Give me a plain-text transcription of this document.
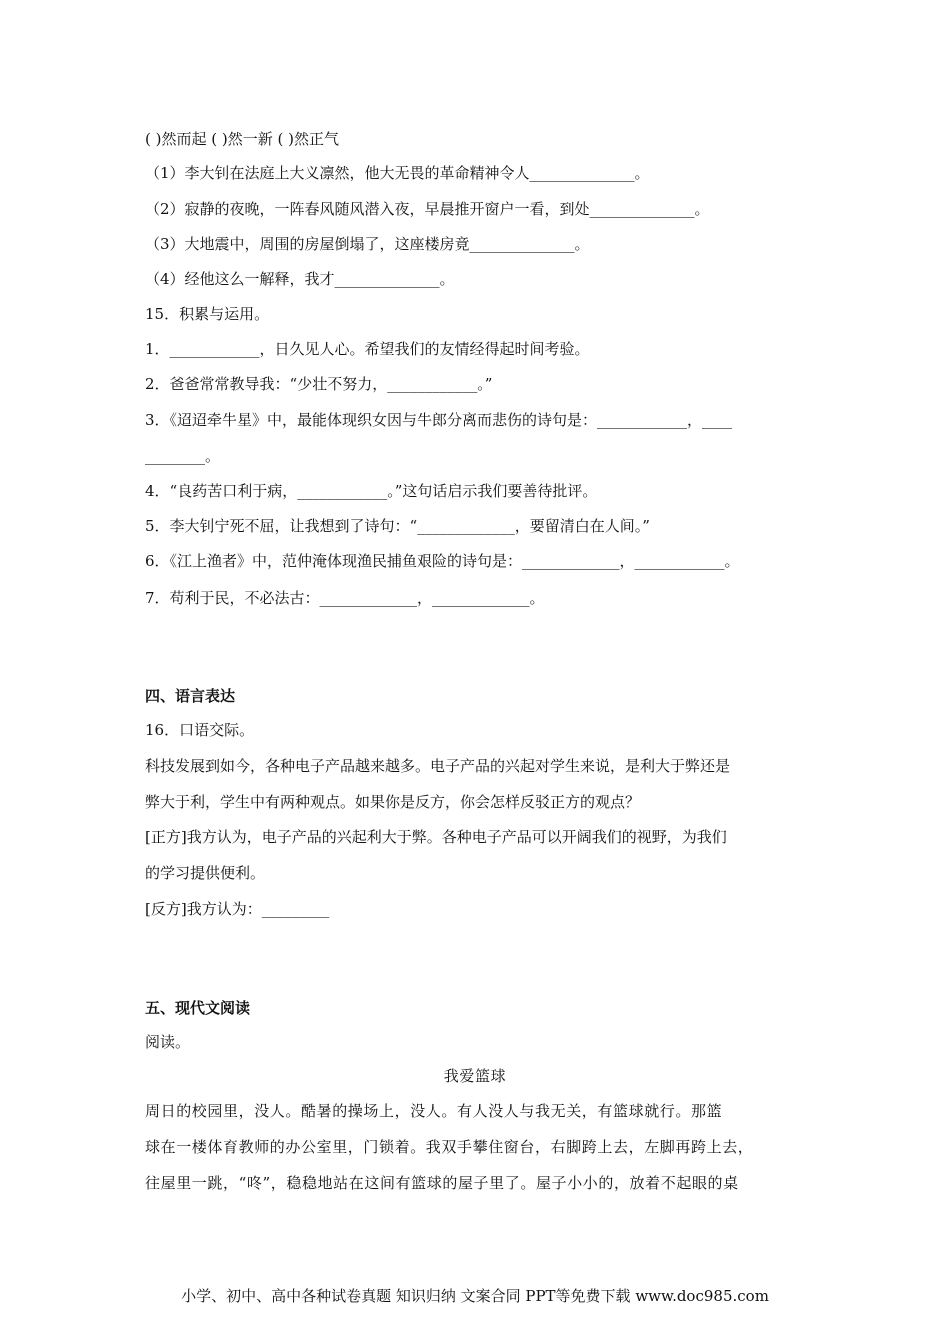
( )然而起 ( )然一新 ( )然正气
（1）李大钊在法庭上大义凛然，他大无畏的革命精神令人______________。
（2）寂静的夜晚，一阵春风随风潜入夜，早晨推开窗户一看，到处______________。
（3）大地震中，周围的房屋倒塌了，这座楼房竟______________。
（4）经他这么一解释，我才______________。
15．积累与运用。
1．____________，日久见人心。希望我们的友情经得起时间考验。
2．爸爸常常教导我：“少壮不努力，____________。”
3．《迢迢牵牛星》中，最能体现织女因与牛郎分离而悲伤的诗句是：____________，____
________。
4．“良药苦口利于病，____________。”这句话启示我们要善待批评。
5．李大钊宁死不屈，让我想到了诗句：“_____________，要留清白在人间。”
6．《江上渔者》中，范仲淹体现渔民捕鱼艰险的诗句是：_____________，____________。
7．苟利于民，不必法古：_____________，_____________。
四、语言表达
16．口语交际。
科技发展到如今，各种电子产品越来越多。电子产品的兴起对学生来说，是利大于弊还是
弊大于利，学生中有两种观点。如果你是反方，你会怎样反驳正方的观点？
[正方]我方认为，电子产品的兴起利大于弊。各种电子产品可以开阔我们的视野，为我们
的学习提供便利。
[反方]我方认为：_________
五、现代文阅读
阅读。
我爱篮球
周日的校园里，没人。酷暑的操场上，没人。有人没人与我无关，有篮球就行。那篮
球在一楼体育教师的办公室里，门锁着。我双手攀住窗台，右脚跨上去，左脚再跨上去，
往屋里一跳，“咚”，稳稳地站在这间有篮球的屋子里了。屋子小小的，放着不起眼的桌
小学、初中、高中各种试卷真题 知识归纳 文案合同 PPT等免费下载 www.doc985.com
